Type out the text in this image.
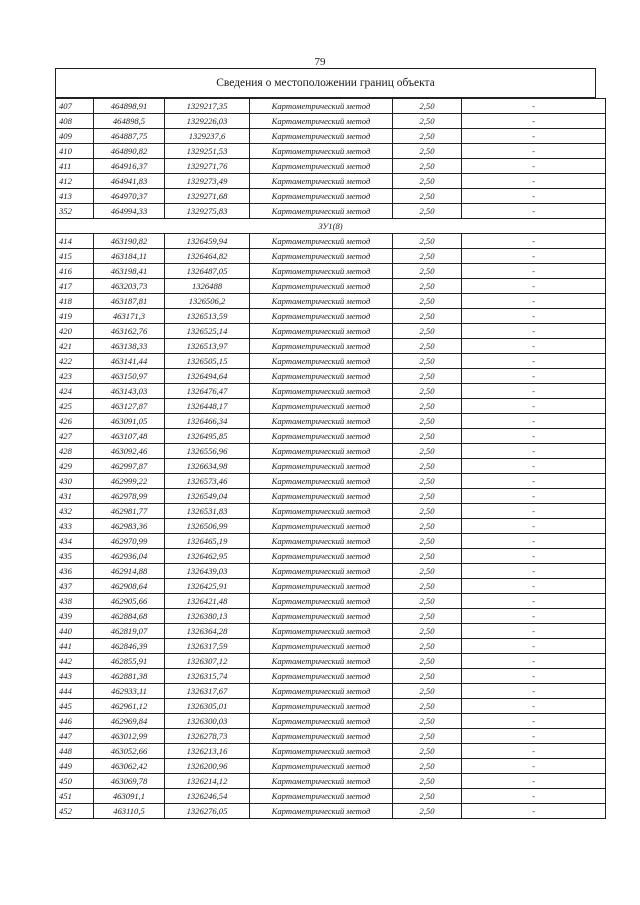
79
Сведения о местоположении границ объекта
407	464898,91	1329217,35	Картометрический метод	2,50	-
408	464898,5	1329226,03	Картометрический метод	2,50	-
409	464887,75	1329237,6	Картометрический метод	2,50	-
410	464890,82	1329251,53	Картометрический метод	2,50	-
411	464916,37	1329271,76	Картометрический метод	2,50	-
412	464941,83	1329273,49	Картометрический метод	2,50	-
413	464970,37	1329271,68	Картометрический метод	2,50	-
352	464994,33	1329275,83	Картометрический метод	2,50	-
ЗУ1(8)					
414	463190,82	1326459,94	Картометрический метод	2,50	-
415	463184,11	1326464,82	Картометрический метод	2,50	-
416	463198,41	1326487,05	Картометрический метод	2,50	-
417	463203,73	1326488	Картометрический метод	2,50	-
418	463187,81	1326506,2	Картометрический метод	2,50	-
419	463171,3	1326513,59	Картометрический метод	2,50	-
420	463162,76	1326525,14	Картометрический метод	2,50	-
421	463138,33	1326513,97	Картометрический метод	2,50	-
422	463141,44	1326505,15	Картометрический метод	2,50	-
423	463150,97	1326494,64	Картометрический метод	2,50	-
424	463143,03	1326476,47	Картометрический метод	2,50	-
425	463127,87	1326448,17	Картометрический метод	2,50	-
426	463091,05	1326466,34	Картометрический метод	2,50	-
427	463107,48	1326495,85	Картометрический метод	2,50	-
428	463092,46	1326556,96	Картометрический метод	2,50	-
429	462997,87	1326634,98	Картометрический метод	2,50	-
430	462999,22	1326573,46	Картометрический метод	2,50	-
431	462978,99	1326549,04	Картометрический метод	2,50	-
432	462981,77	1326531,83	Картометрический метод	2,50	-
433	462983,36	1326506,99	Картометрический метод	2,50	-
434	462970,99	1326465,19	Картометрический метод	2,50	-
435	462936,04	1326462,95	Картометрический метод	2,50	-
436	462914,88	1326439,03	Картометрический метод	2,50	-
437	462908,64	1326425,91	Картометрический метод	2,50	-
438	462905,66	1326421,48	Картометрический метод	2,50	-
439	462884,68	1326380,13	Картометрический метод	2,50	-
440	462819,07	1326364,28	Картометрический метод	2,50	-
441	462846,39	1326317,59	Картометрический метод	2,50	-
442	462855,91	1326307,12	Картометрический метод	2,50	-
443	462881,38	1326315,74	Картометрический метод	2,50	-
444	462933,11	1326317,67	Картометрический метод	2,50	-
445	462961,12	1326305,01	Картометрический метод	2,50	-
446	462969,84	1326300,03	Картометрический метод	2,50	-
447	463012,99	1326278,73	Картометрический метод	2,50	-
448	463052,66	1326213,16	Картометрический метод	2,50	-
449	463062,42	1326200,96	Картометрический метод	2,50	-
450	463069,78	1326214,12	Картометрический метод	2,50	-
451	463091,1	1326246,54	Картометрический метод	2,50	-
452	463110,5	1326276,05	Картометрический метод	2,50	-
